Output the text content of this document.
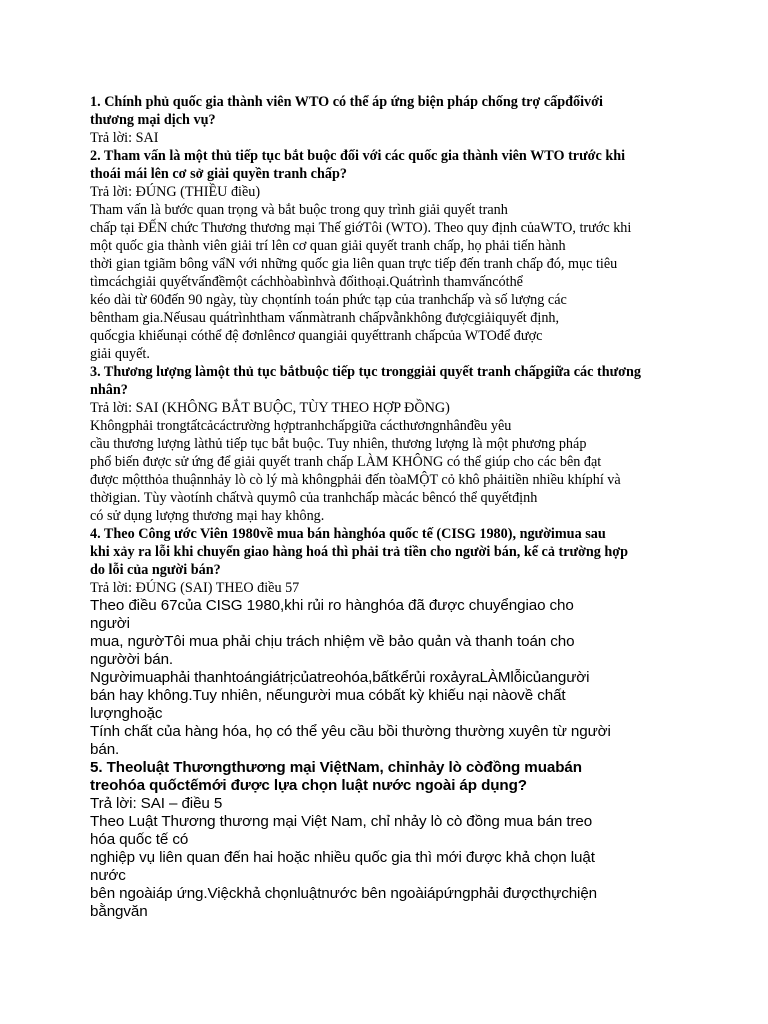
1. Chính phủ quốc gia thành viên WTO có thể áp ứng biện pháp chống trợ cấpđốivới
thương mại dịch vụ?
Trả lời: SAI
2. Tham vấn là một thủ tiếp tục bắt buộc đối với các quốc gia thành viên WTO trước khi
thoái mái lên cơ sở giải quyền tranh chấp?
Trả lời: ĐÚNG (THIỀU điều)
Tham vấn là bước quan trọng và bắt buộc trong quy trình giải quyết tranh
chấp tại ĐẾN chức Thương thương mại Thế giớTôi (WTO). Theo quy định củaWTO, trước khi
một quốc gia thành viên giải trí lên cơ quan giải quyết tranh chấp, họ phải tiến hành
thời gian tgiãm bông vẩN với những quốc gia liên quan trực tiếp đến tranh chấp đó, mục tiêu
tìmcáchgiải quyếtvấnđềmột cáchhòabìnhvà đốithoại.Quátrình thamvấncóthể
kéo dài từ 60đến 90 ngày, tùy chọntính toán phức tạp của tranhchấp và số lượng các
bêntham gia.Nếusau quátrìnhtham vấnmàtranh chấpvẫnkhông đượcgiảiquyết định,
quốcgia khiếunại cóthể đệ đơnlêncơ quangiải quyếttranh chấpcủa WTOđể được
giải quyết.
3. Thương lượng làmột thủ tục bắtbuộc tiếp tục tronggiải quyết tranh chấpgiữa các thương
nhân?
Trả lời: SAI (KHÔNG BẮT BUỘC, TÙY THEO HỢP ĐỒNG)
Khôngphải trongtấtcảcáctrường hợptranhchấpgiữa cácthươngnhânđều yêu
cầu thương lượng làthủ tiếp tục bắt buộc. Tuy nhiên, thương lượng là một phương pháp
phổ biến được sử ứng để giải quyết tranh chấp LÀM KHÔNG có thể giúp cho các bên đạt
được mộtthỏa thuậnnhảy lò cò lý mà khôngphải đến tòaMỘT cỏ khô phảitiền nhiều khíphí và
thờigian. Tùy vàotính chấtvà quymô của tranhchấp màcác bêncó thể quyếtđịnh
có sử dụng lượng thương mại hay không.
4. Theo Công ước Viên 1980về mua bán hànghóa quốc tế (CISG 1980), ngườimua sau
khi xảy ra lỗi khi chuyển giao hàng hoá thì phải trả tiền cho người bán, kể cả trường hợp
do lỗi của người bán?
Trả lời: ĐÚNG (SAI) THEO điều 57
Theo điều 67của CISG 1980,khi rủi ro hànghóa đã được chuyểngiao cho
người
mua, ngườTôi mua phải chịu trách nhiệm về bảo quản và thanh toán cho
ngườời bán.
Ngườimuaphải thanhtoángiátrịcủatreohóa,bấtkểrủi roxảyraLÀMlỗicủangười
bán hay không.Tuy nhiên, nếungười mua cóbất kỳ khiếu nại nàovề chất
lượnghoặc
Tính chất của hàng hóa, họ có thể yêu cầu bồi thường thường xuyên từ người
bán.
5. Theoluật Thươngthương mại ViệtNam, chỉnhảy lò còđồng muabán
treohóa quốctếmới được lựa chọn luật nước ngoài áp dụng?
Trả lời: SAI – điều 5
Theo Luật Thương thương mại Việt Nam, chỉ nhảy lò cò đồng mua bán treo
hóa quốc tế có
nghiệp vụ liên quan đến hai hoặc nhiều quốc gia thì mới được khả chọn luật
nước
bên ngoàiáp ứng.Việckhả chọnluậtnước bên ngoàiápứngphải đượcthựchiện
bằngvăn
